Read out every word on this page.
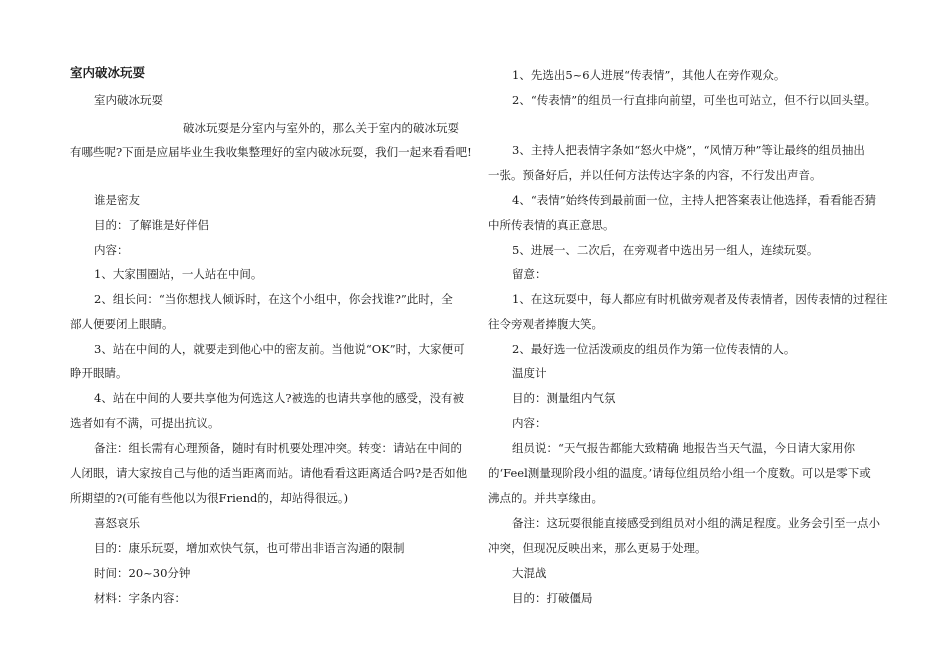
室内破冰玩耍
室内破冰玩耍
破冰玩耍是分室内与室外的，那么关于室内的破冰玩耍
有哪些呢?下面是应届毕业生我收集整理好的室内破冰玩耍，我们一起来看看吧!
谁是密友
目的：了解谁是好伴侣
内容：
1、大家围圈站，一人站在中间。
2、组长问：“当你想找人倾诉时，在这个小组中，你会找谁?”此时，全
部人便要闭上眼睛。
3、站在中间的人，就要走到他心中的密友前。当他说“OK”时，大家便可
睁开眼睛。
4、站在中间的人要共享他为何选这人?被选的也请共享他的感受，没有被
选者如有不满，可提出抗议。
备注：组长需有心理预备，随时有时机要处理冲突。转变：请站在中间的
人闭眼，请大家按自己与他的适当距离而站。请他看看这距离适合吗?是否如他
所期望的?(可能有些他以为很Friend的，却站得很远。)
喜怒哀乐
目的：康乐玩耍，增加欢快气氛，也可带出非语言沟通的限制
时间：20~30分钟
材料：字条内容：
1、先选出5~6人进展“传表情”，其他人在旁作观众。
2、“传表情”的组员一行直排向前望，可坐也可站立，但不行以回头望。
3、主持人把表情字条如“怒火中烧”，“风情万种”等让最终的组员抽出
一张。预备好后，并以任何方法传达字条的内容，不行发出声音。
4、“表情”始终传到最前面一位，主持人把答案表让他选择，看看能否猜
中所传表情的真正意思。
5、进展一、二次后，在旁观者中选出另一组人，连续玩耍。
留意：
1、在这玩耍中，每人都应有时机做旁观者及传表情者，因传表情的过程往
往令旁观者捧腹大笑。
2、最好选一位活泼顽皮的组员作为第一位传表情的人。
温度计
目的：测量组内气氛
内容：
组员说：“天气报告都能大致精确 地报告当天气温，今日请大家用你
的‘Feel测量现阶段小组的温度。’请每位组员给小组一个度数。可以是零下或
沸点的。并共享缘由。
备注：这玩耍很能直接感受到组员对小组的满足程度。业务会引至一点小
冲突，但现况反映出来，那么更易于处理。
大混战
目的：打破僵局
